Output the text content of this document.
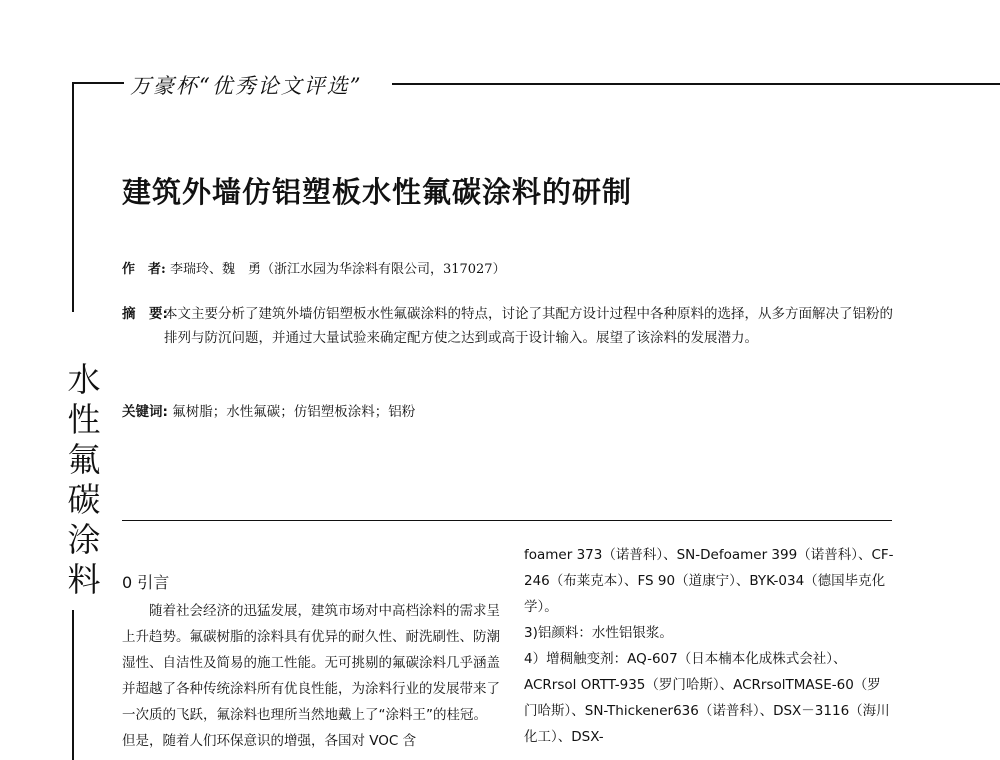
万豪杯“优秀论文评选”
水
性
氟
碳
涂
料
建筑外墙仿铝塑板水性氟碳涂料的研制
作　者: 李瑞玲、魏　勇（浙江水园为华涂料有限公司，317027）
摘　要:
本文主要分析了建筑外墙仿铝塑板水性氟碳涂料的特点，讨论了其配方设计过程中各种原料的选择，从多方面解决了铝粉的排列与防沉问题，并通过大量试验来确定配方使之达到或高于设计输入。展望了该涂料的发展潜力。
关键词: 氟树脂；水性氟碳；仿铝塑板涂料；铝粉
0 引言

随着社会经济的迅猛发展，建筑市场对中高档涂料的需求呈上升趋势。氟碳树脂的涂料具有优异的耐久性、耐洗刷性、防潮湿性、自洁性及简易的施工性能。无可挑剔的氟碳涂料几乎涵盖并超越了各种传统涂料所有优良性能，为涂料行业的发展带来了一次质的飞跃，氟涂料也理所当然地戴上了“涂料王”的桂冠。但是，随着人们环保意识的增强，各国对 VOC 含

foamer 373（诺普科）、SN-Defoamer 399（诺普科）、CF-246（布莱克本）、FS 90（道康宁）、BYK-034（德国毕克化学）。

3)铝颜料：水性铝银浆。

4）增稠触变剂：AQ-607（日本楠本化成株式会社）、ACRrsol ORTT-935（罗门哈斯）、ACRrsolTMASE-60（罗门哈斯）、SN-Thickener636（诺普科）、DSX－3116（海川化工）、DSX-
